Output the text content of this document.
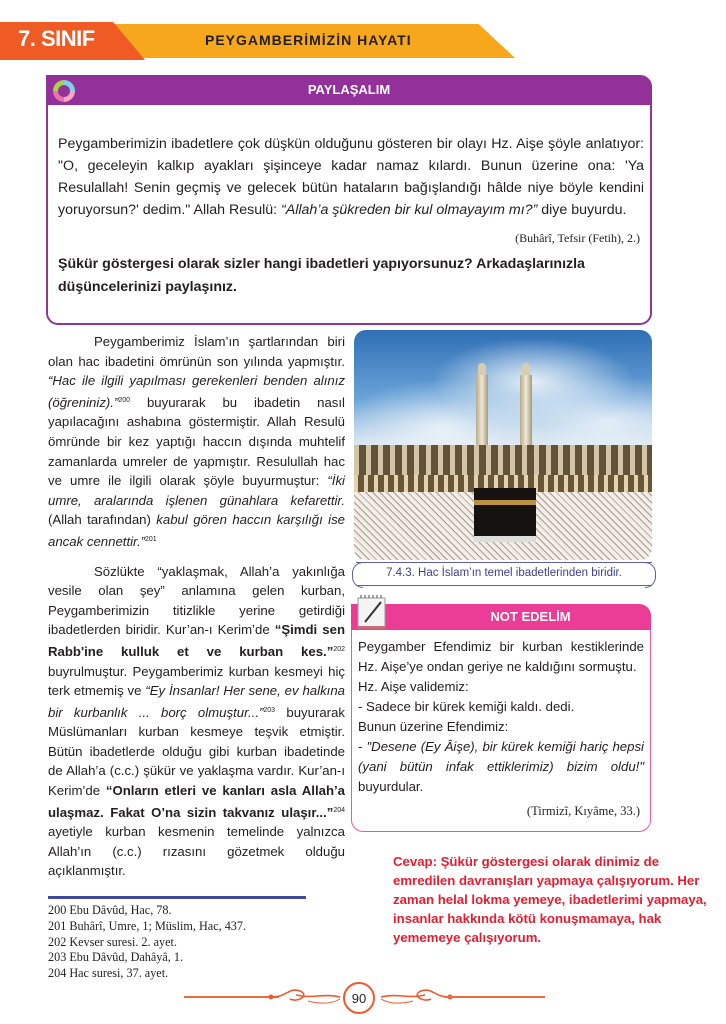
7. SINIF	PEYGAMBERİMİZİN HAYATI
PAYLAŞALIM
Peygamberimizin ibadetlere çok düşkün olduğunu gösteren bir olayı Hz. Aişe şöyle anlatıyor: "O, geceleyin kalkıp ayakları şişinceye kadar namaz kılardı. Bunun üzerine ona: 'Ya Resulallah! Senin geçmiş ve gelecek bütün hataların bağışlandığı hâlde niye böyle kendini yoruyorsun?' dedim." Allah Resulü: “Allah’a şükreden bir kul olmayayım mı?” diye buyurdu.
(Buhârî, Tefsir (Fetih), 2.)
Şükür göstergesi olarak sizler hangi ibadetleri yapıyorsunuz? Arkadaşlarınızla düşüncelerinizi paylaşınız.

Peygamberimiz İslam’ın şartlarından biri olan hac ibadetini ömrünün son yılında yapmıştır. “Hac ile ilgili yapılması gerekenleri benden alınız (öğreniniz).”$^{200}$ buyurarak bu ibadetin nasıl yapılacağını ashabına göstermiştir. Allah Resulü ömründe bir kez yaptığı haccın dışında muhtelif zamanlarda umreler de yapmıştır. Resulullah hac ve umre ile ilgili olarak şöyle buyurmuştur: “İki umre, aralarında işlenen günahlara kefarettir. (Allah tarafından) kabul gören haccın karşılığı ise ancak cennettir.”$^{201}$

Sözlükte “yaklaşmak, Allah’a yakınlığa vesile olan şey” anlamına gelen kurban, Peygamberimizin titizlikle yerine getirdiği ibadetlerden biridir. Kur’an-ı Kerim’de “Şimdi sen Rabb'ine kulluk et ve kurban kes.”$^{202}$ buyrulmuştur. Peygamberimiz kurban kesmeyi hiç terk etmemiş ve “Ey İnsanlar! Her sene, ev halkına bir kurbanlık ... borç olmuştur...”$^{203}$ buyurarak Müslümanları kurban kesmeye teşvik etmiştir. Bütün ibadetlerde olduğu gibi kurban ibadetinde de Allah’a (c.c.) şükür ve yaklaşma vardır. Kur’an-ı Kerim’de “Onların etleri ve kanları asla Allah’a ulaşmaz. Fakat O’na sizin takvanız ulaşır...”$^{204}$ ayetiyle kurban kesmenin temelinde yalnızca Allah’ın (c.c.) rızasını gözetmek olduğu açıklanmıştır.

200 Ebu Dâvûd, Hac, 78.
201 Buhârî, Umre, 1; Müslim, Hac, 437.
202 Kevser suresi. 2. ayet.
203 Ebu Dâvûd, Dahâyâ, 1.
204 Hac suresi, 37. ayet.
7.4.3. Hac İslam’ın temel ibadetlerinden biridir.
NOT EDELİM
Peygamber Efendimiz bir kurban kestiklerinde Hz. Aişe’ye ondan geriye ne kaldığını sormuştu.
Hz. Aişe validemiz:
- Sadece bir kürek kemiği kaldı. dedi.
Bunun üzerine Efendimiz:
- "Desene (Ey Âişe), bir kürek kemiği hariç hepsi (yani bütün infak ettiklerimiz) bizim oldu!" buyurdular.
(Tirmizî, Kıyâme, 33.)
Cevap: Şükür göstergesi olarak dinimiz de emredilen davranışları yapmaya çalışıyorum. Her zaman helal lokma yemeye, ibadetlerimi yapmaya, insanlar hakkında kötü konuşmamaya, hak yememeye çalışıyorum.
90
